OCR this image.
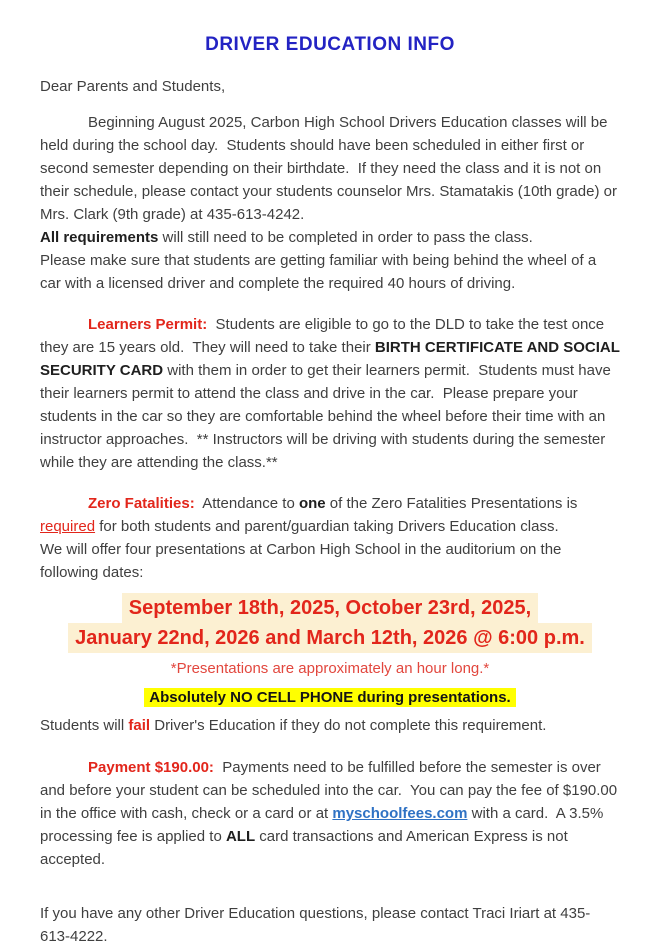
DRIVER EDUCATION INFO

Dear Parents and Students,

Beginning August 2025, Carbon High School Drivers Education classes will be held during the school day.  Students should have been scheduled in either first or second semester depending on their birthdate.  If they need the class and it is not on their schedule, please contact your students counselor Mrs. Stamatakis (10th grade) or Mrs. Clark (9th grade) at 435-613-4242.

All requirements will still need to be completed in order to pass the class.

Please make sure that students are getting familiar with being behind the wheel of a car with a licensed driver and complete the required 40 hours of driving.

Learners Permit:  Students are eligible to go to the DLD to take the test once they are 15 years old.  They will need to take their BIRTH CERTIFICATE AND SOCIAL SECURITY CARD with them in order to get their learners permit.  Students must have their learners permit to attend the class and drive in the car.  Please prepare your students in the car so they are comfortable behind the wheel before their time with an instructor approaches.  ** Instructors will be driving with students during the semester while they are attending the class.**

Zero Fatalities:  Attendance to one of the Zero Fatalities Presentations is required for both students and parent/guardian taking Drivers Education class.

We will offer four presentations at Carbon High School in the auditorium on the following dates:

September 18th, 2025, October 23rd, 2025,

January 22nd, 2026 and March 12th, 2026 @ 6:00 p.m.

*Presentations are approximately an hour long.*

Absolutely NO CELL PHONE during presentations.

Students will fail Driver's Education if they do not complete this requirement.

Payment $190.00:  Payments need to be fulfilled before the semester is over and before your student can be scheduled into the car.  You can pay the fee of $190.00 in the office with cash, check or a card or at myschoolfees.com with a card.  A 3.5% processing fee is applied to ALL card transactions and American Express is not accepted.

If you have any other Driver Education questions, please contact Traci Iriart at 435-613-4222.
